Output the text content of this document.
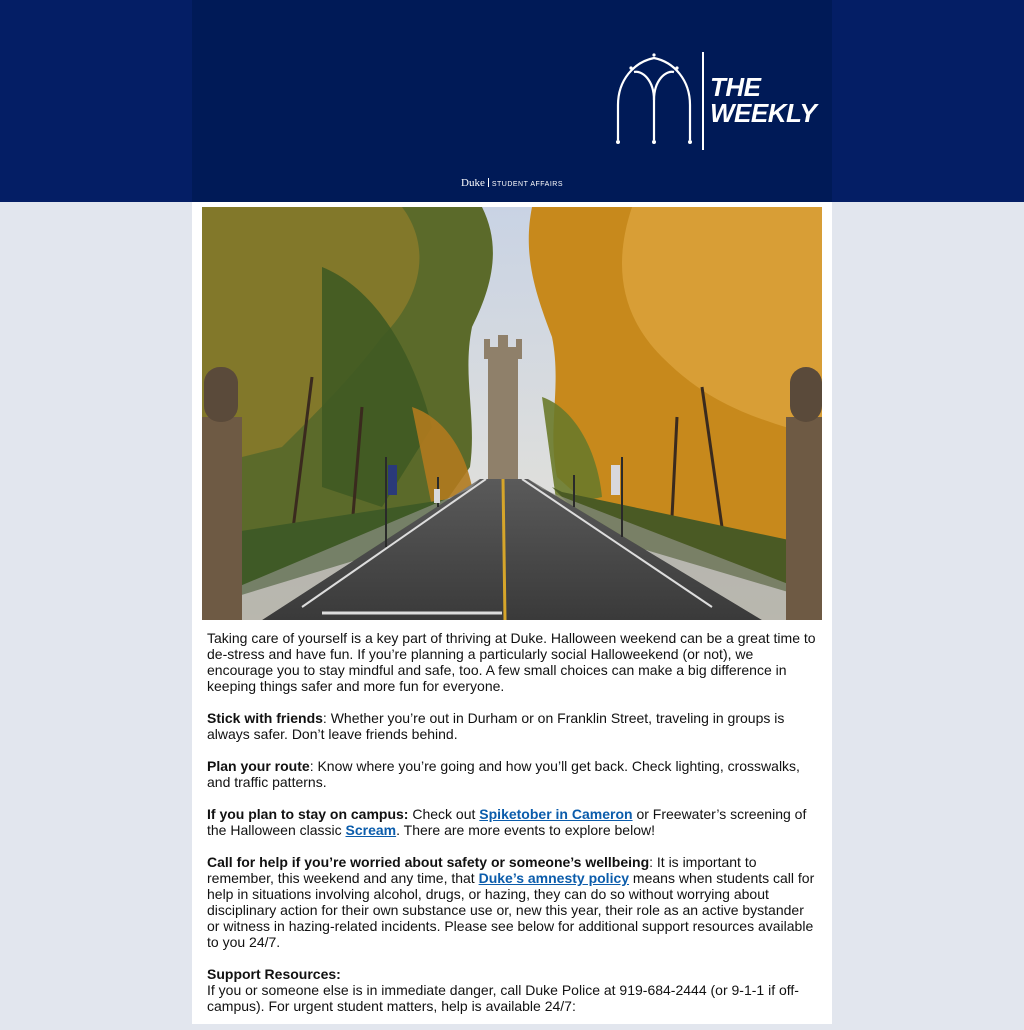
THE
WEEKLY
Duke STUDENT AFFAIRS

Taking care of yourself is a key part of thriving at Duke. Halloween weekend can be a great time to de-stress and have fun. If you’re planning a particularly social Halloweekend (or not), we encourage you to stay mindful and safe, too. A few small choices can make a big difference in keeping things safer and more fun for everyone.

Stick with friends: Whether you’re out in Durham or on Franklin Street, traveling in groups is always safer. Don’t leave friends behind.

Plan your route: Know where you’re going and how you’ll get back. Check lighting, crosswalks, and traffic patterns.

If you plan to stay on campus: Check out Spiketober in Cameron or Freewater’s screening of the Halloween classic Scream. There are more events to explore below!

Call for help if you’re worried about safety or someone’s wellbeing: It is important to remember, this weekend and any time, that Duke’s amnesty policy means when students call for help in situations involving alcohol, drugs, or hazing, they can do so without worrying about disciplinary action for their own substance use or, new this year, their role as an active bystander or witness in hazing-related incidents. Please see below for additional support resources available to you 24/7.

Support Resources:
If you or someone else is in immediate danger, call Duke Police at 919-684-2444 (or 9-1-1 if off-campus). For urgent student matters, help is available 24/7:
